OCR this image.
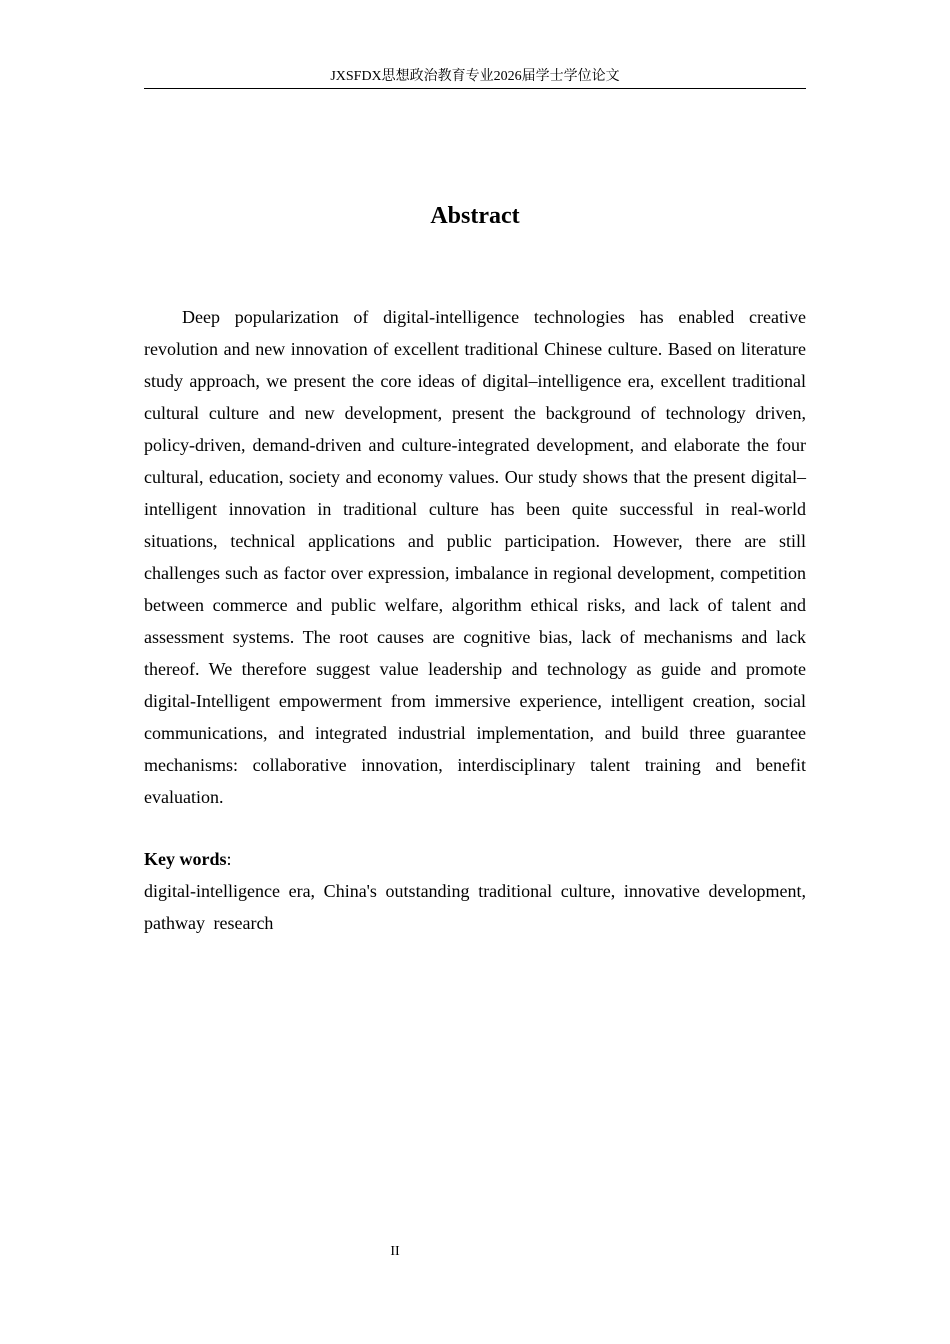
JXSFDX思想政治教育专业2026届学士学位论文
Abstract

Deep popularization of digital-intelligence technologies has enabled creative revolution and new innovation of excellent traditional Chinese culture. Based on literature study approach, we present the core ideas of digital–intelligence era, excellent traditional cultural culture and new development, present the background of technology driven, policy-driven, demand-driven and culture-integrated development, and elaborate the four cultural, education, society and economy values. Our study shows that the present digital–intelligent innovation in traditional culture has been quite successful in real-world situations, technical applications and public participation. However, there are still challenges such as factor over expression, imbalance in regional development, competition between commerce and public welfare, algorithm ethical risks, and lack of talent and assessment systems. The root causes are cognitive bias, lack of mechanisms and lack thereof. We therefore suggest value leadership and technology as guide and promote digital-Intelligent empowerment from immersive experience, intelligent creation, social communications, and integrated industrial implementation, and build three guarantee mechanisms: collaborative innovation, interdisciplinary talent training and benefit evaluation.

Key words:

digital-intelligence era, China's outstanding traditional culture, innovative development, pathway research

II
